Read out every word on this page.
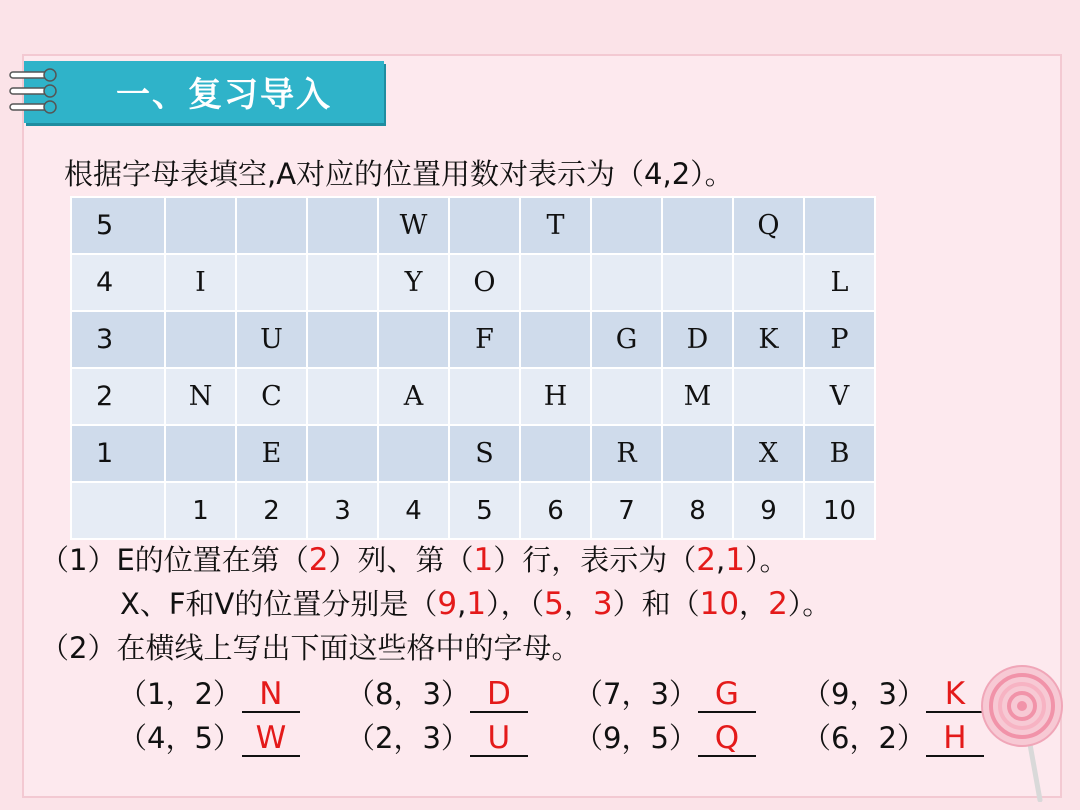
一、复习导入
根据字母表填空,A对应的位置用数对表示为（4,2）。
5				W		T			Q	
4	I			Y	O					L
3		U			F		G	D	K	P
2	N	C		A		H		M		V
1		E			S		R		X	B
	1	2	3	4	5	6	7	8	9	10
（1）E的位置在第（2）列、第（1）行，表示为（2,1）。
X、F和V的位置分别是（9,1），（5，3）和（10，2）。
（2）在横线上写出下面这些格中的字母。
（1，2） N	（8，3） D	（7，3） G	（9，3） K
（4，5） W	（2，3） U	（9，5） Q	（6，2） H
